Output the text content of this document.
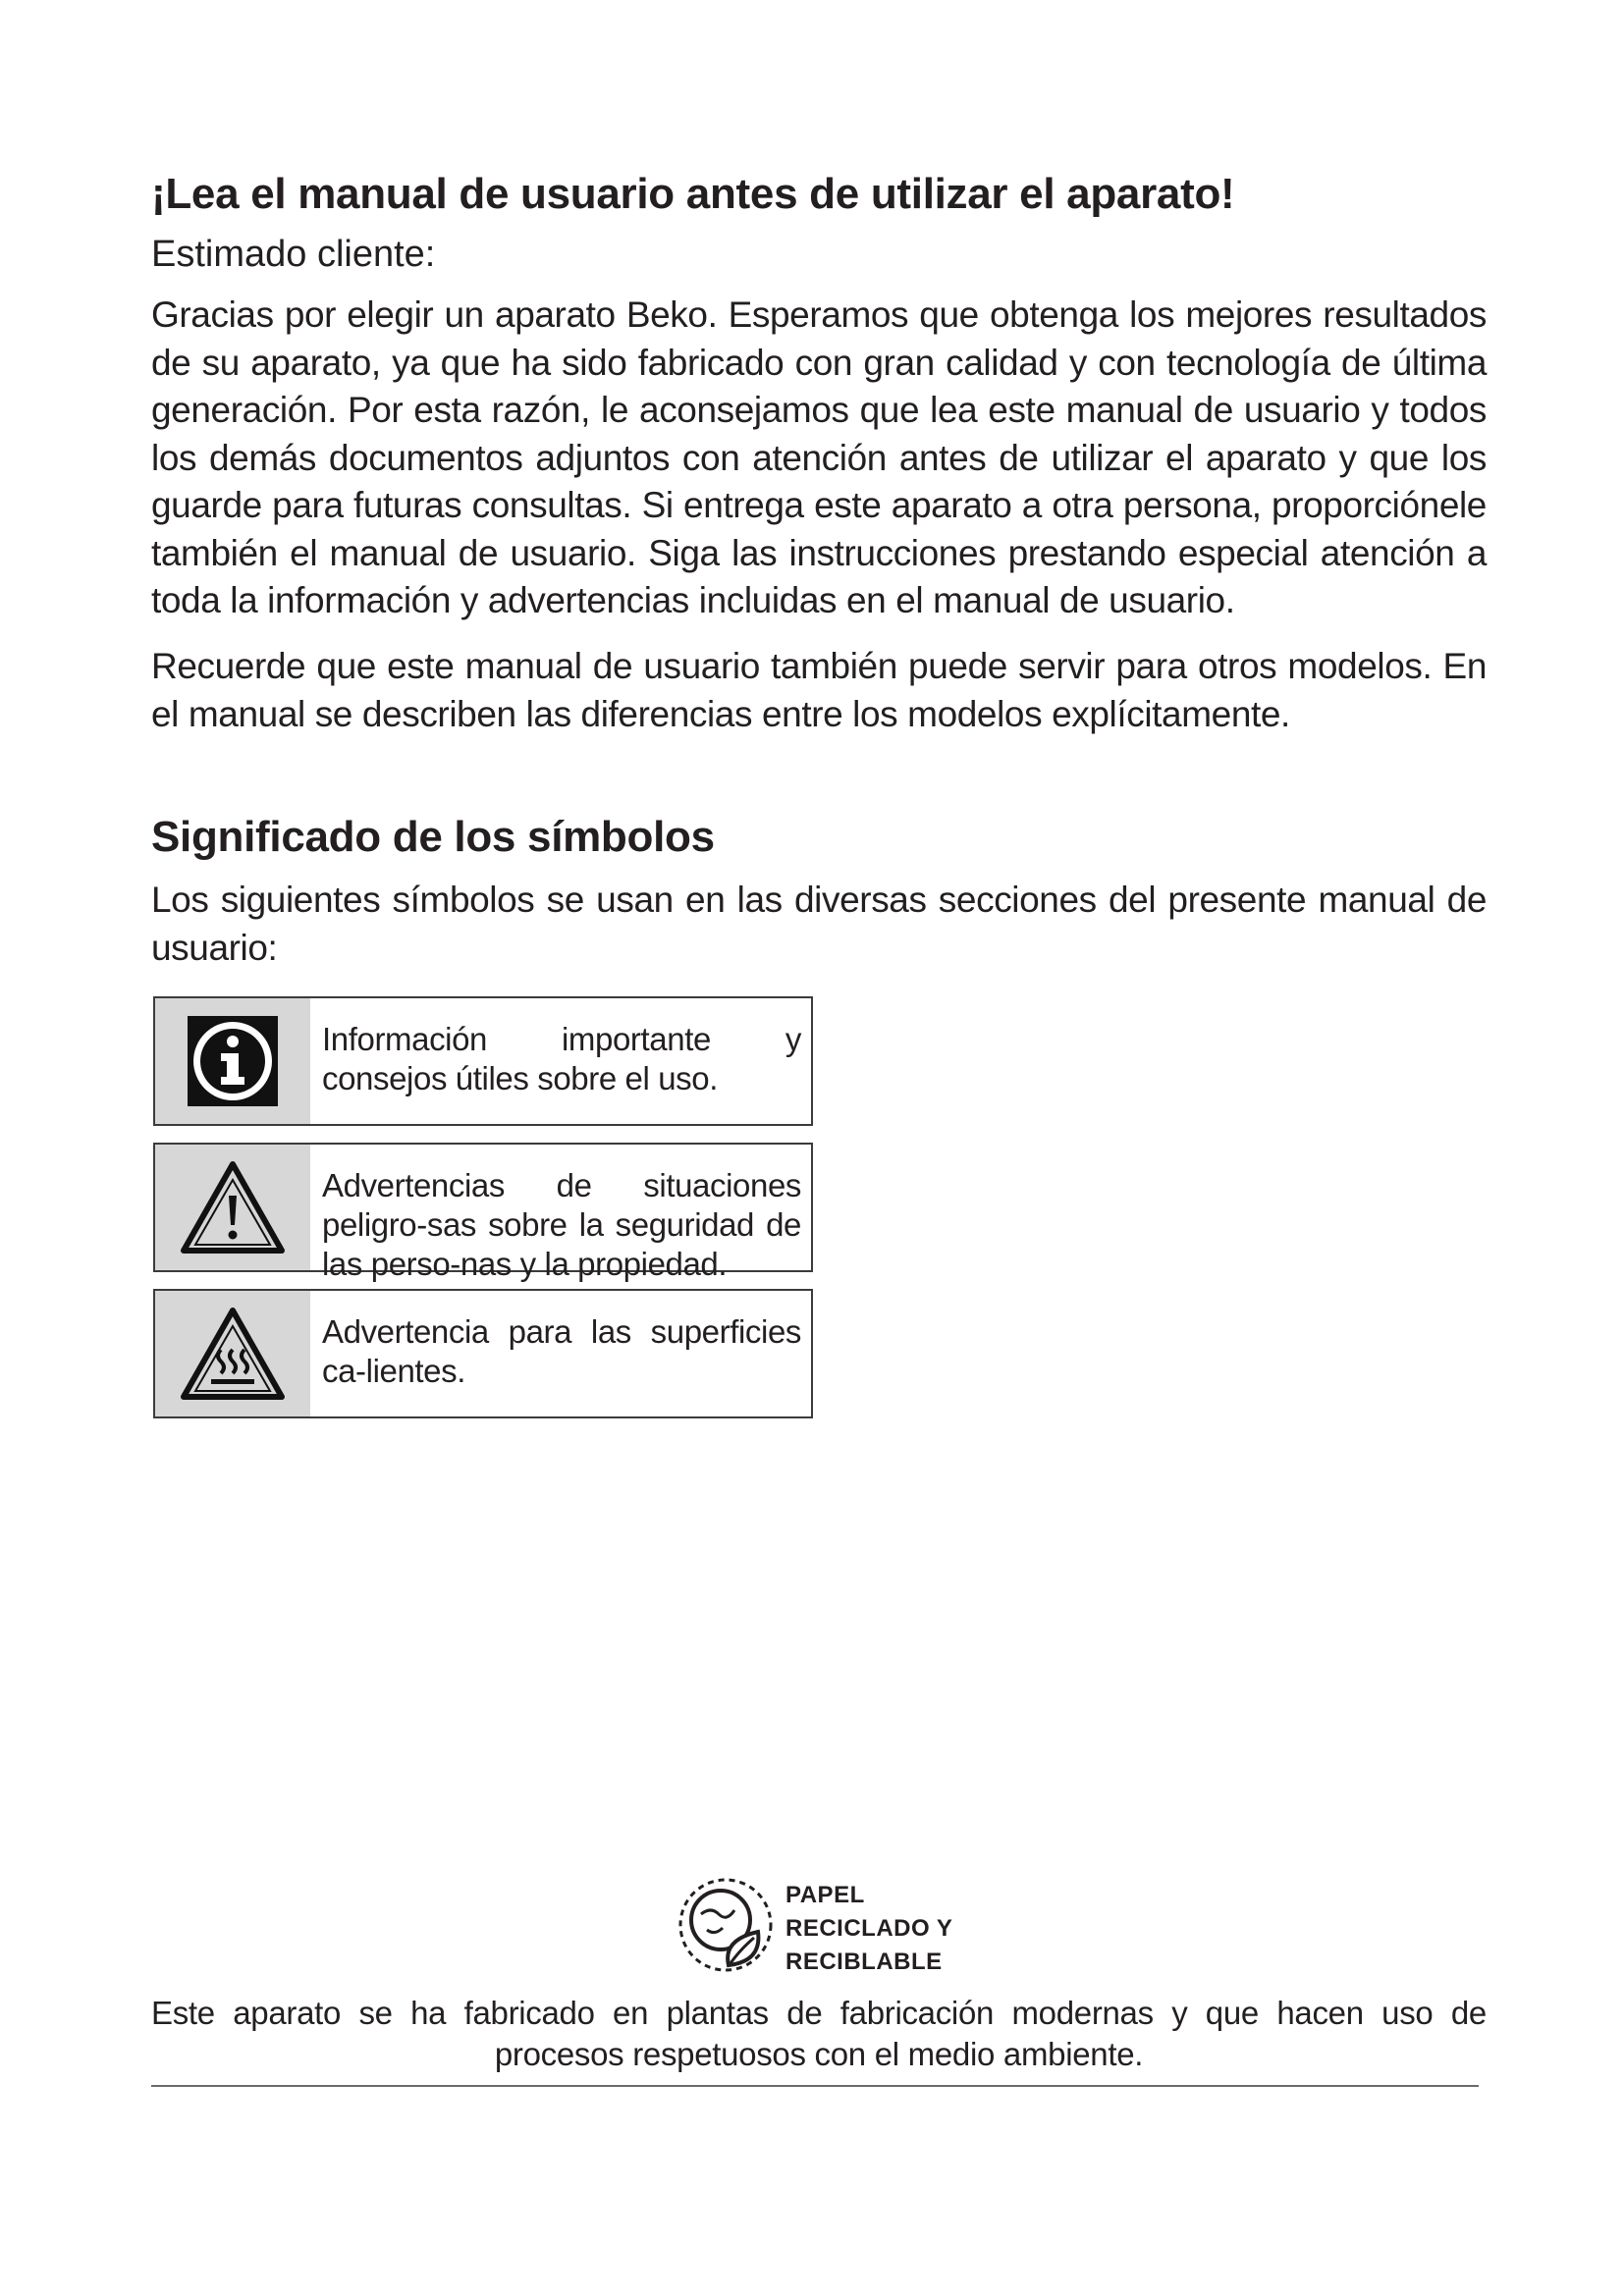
¡Lea el manual de usuario antes de utilizar el aparato!

Estimado cliente:

Gracias por elegir un aparato Beko. Esperamos que obtenga los mejores resultados de su aparato, ya que ha sido fabricado con gran calidad y con tecnología de última generación. Por esta razón, le aconsejamos que lea este manual de usuario y todos los demás documentos adjuntos con atención antes de utilizar el aparato y que los guarde para futuras consultas. Si entrega este aparato a otra persona, proporciónele también el manual de usuario. Siga las instrucciones prestando especial atención a toda la información y advertencias incluidas en el manual de usuario.

Recuerde que este manual de usuario también puede servir para otros modelos. En el manual se describen las diferencias entre los modelos explícitamente.

Significado de los símbolos

Los siguientes símbolos se usan en las diversas secciones del presente manual de usuario:

Información importante y consejos útiles sobre el uso.
Advertencias de situaciones peligro-sas sobre la seguridad de las perso-nas y la propiedad.
Advertencia para las superficies ca-lientes.
PAPEL
RECICLADO Y
RECIBLABLE

Este aparato se ha fabricado en plantas de fabricación modernas y que hacen uso de procesos respetuosos con el medio ambiente.
